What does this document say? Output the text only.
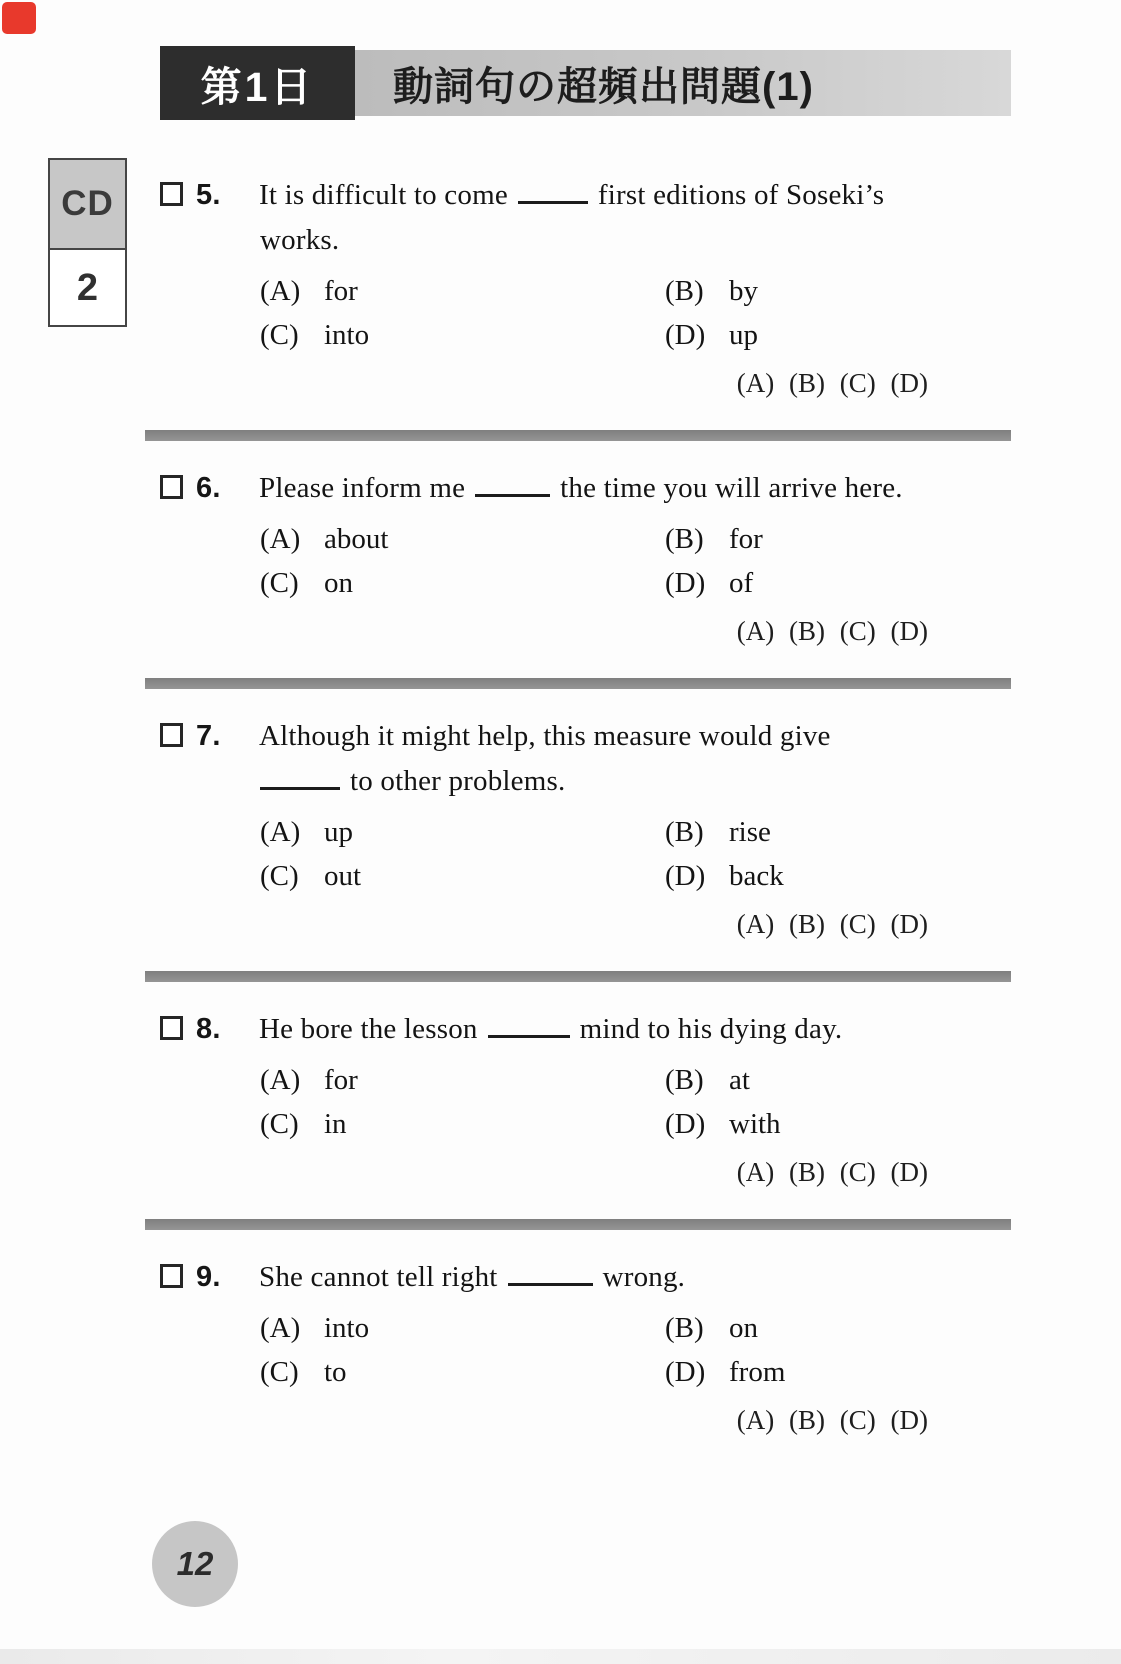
CD
2
第1日	動詞句の超頻出問題(1)
5.	It is difficult to come	first editions of Soseki’s
works.
(A) for	(B) by
(C) into	(D) up
(A) (B) (C) (D)
6.	Please inform me	the time you will arrive here.
(A) about	(B) for
(C) on	(D) of
(A) (B) (C) (D)
7.	Although it might help, this measure would give
to other problems.
(A) up	(B) rise
(C) out	(D) back
(A) (B) (C) (D)
8.	He bore the lesson	mind to his dying day.
(A) for	(B) at
(C) in	(D) with
(A) (B) (C) (D)
9.	She cannot tell right	wrong.
(A) into	(B) on
(C) to	(D) from
(A) (B) (C) (D)
12
